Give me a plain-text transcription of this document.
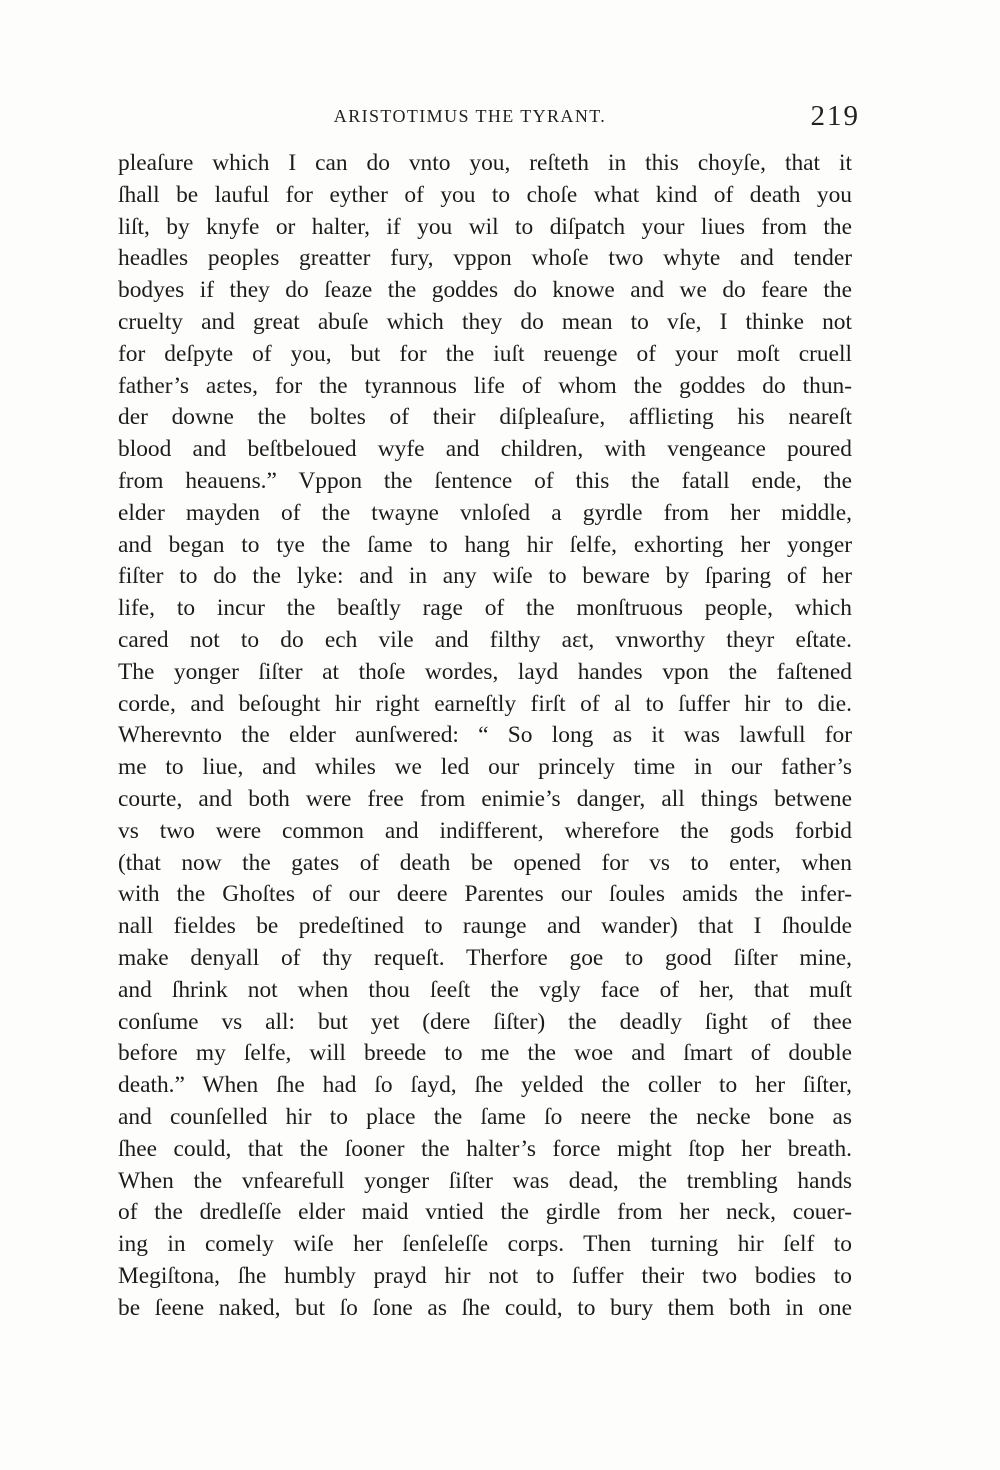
ARISTOTIMUS THE TYRANT.	219
pleaſure which I can do vnto you, reſteth in this choyſe, that it
ſhall be lauful for eyther of you to choſe what kind of death you
liſt, by knyfe or halter, if you wil to diſpatch your liues from the
headles peoples greatter fury, vppon whoſe two whyte and tender
bodyes if they do ſeaze the goddes do knowe and we do feare the
cruelty and great abuſe which they do mean to vſe, I thinke not
for deſpyte of you, but for the iuſt reuenge of your moſt cruell
father’s aɛtes, for the tyrannous life of whom the goddes do thun-
der downe the boltes of their diſpleaſure, affliɛting his neareſt
blood and beſtbeloued wyfe and children, with vengeance poured
from heauens.” Vppon the ſentence of this the fatall ende, the
elder mayden of the twayne vnloſed a gyrdle from her middle,
and began to tye the ſame to hang hir ſelfe, exhorting her yonger
fiſter to do the lyke: and in any wiſe to beware by ſparing of her
life, to incur the beaſtly rage of the monſtruous people, which
cared not to do ech vile and filthy aɛt, vnworthy theyr eſtate.
The yonger ſiſter at thoſe wordes, layd handes vpon the faſtened
corde, and beſought hir right earneſtly firſt of al to ſuffer hir to die.
Wherevnto the elder aunſwered: “ So long as it was lawfull for
me to liue, and whiles we led our princely time in our father’s
courte, and both were free from enimie’s danger, all things betwene
vs two were common and indifferent, wherefore the gods forbid
(that now the gates of death be opened for vs to enter, when
with the Ghoſtes of our deere Parentes our ſoules amids the infer-
nall fieldes be predeſtined to raunge and wander) that I ſhoulde
make denyall of thy requeſt. Therfore goe to good ſiſter mine,
and ſhrink not when thou ſeeſt the vgly face of her, that muſt
conſume vs all: but yet (dere ſiſter) the deadly ſight of thee
before my ſelfe, will breede to me the woe and ſmart of double
death.” When ſhe had ſo ſayd, ſhe yelded the coller to her ſiſter,
and counſelled hir to place the ſame ſo neere the necke bone as
ſhee could, that the ſooner the halter’s force might ſtop her breath.
When the vnfearefull yonger ſiſter was dead, the trembling hands
of the dredleſſe elder maid vntied the girdle from her neck, couer-
ing in comely wiſe her ſenſeleſſe corps. Then turning hir ſelf to
Megiſtona, ſhe humbly prayd hir not to ſuffer their two bodies to
be ſeene naked, but ſo ſone as ſhe could, to bury them both in one
